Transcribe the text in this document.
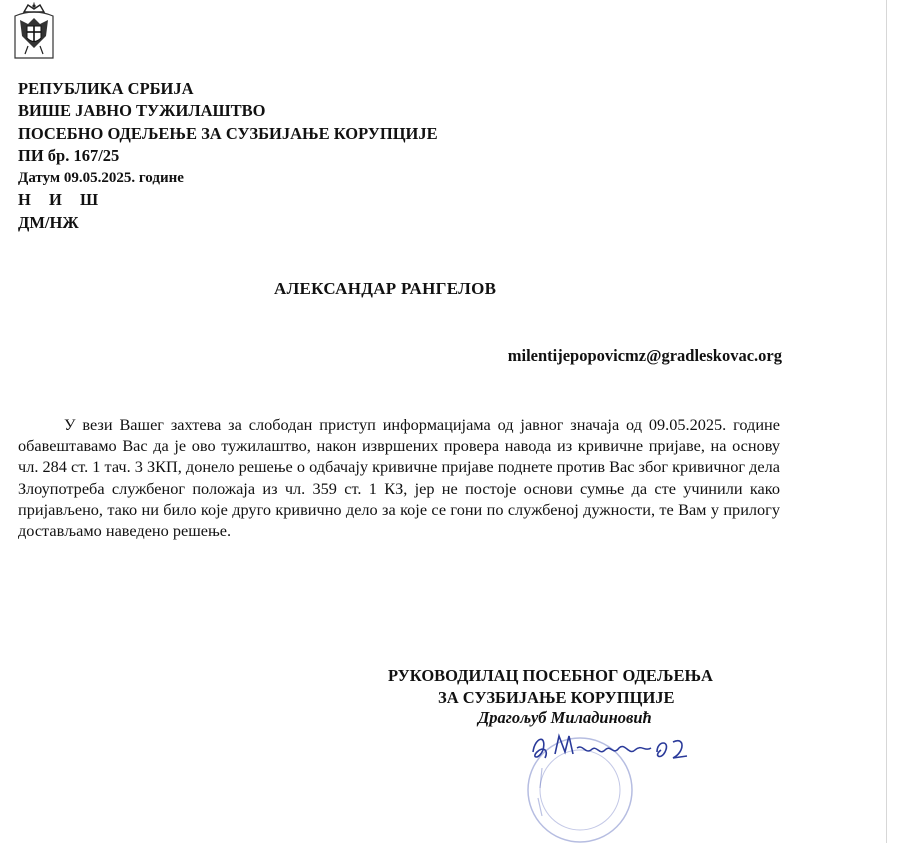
РЕПУБЛИКА СРБИЈА
ВИШЕ ЈАВНО ТУЖИЛАШТВО
ПОСЕБНО ОДЕЉЕЊЕ ЗА СУЗБИЈАЊЕ КОРУПЦИЈЕ
ПИ бр. 167/25
Датум 09.05.2025. године
Н И Ш
ДМ/НЖ
АЛЕКСАНДАР РАНГЕЛОВ
milentijepopovicmz@gradleskovac.org

У вези Вашег захтева за слободан приступ информацијама од јавног значаја од 09.05.2025. године обавештавамо Вас да је ово тужилаштво, након извршених провера навода из кривичне пријаве, на основу чл. 284 ст. 1 тач. 3 ЗКП, донело решење о одбачају кривичне пријаве поднете против Вас због кривичног дела Злоупотреба службеног положаја из чл. 359 ст. 1 КЗ, јер не постоје основи сумње да сте учинили како пријављено, тако ни било које друго кривично дело за које се гони по службеној дужности, те Вам у прилогу достављамо наведено решење.

РУКОВОДИЛАЦ ПОСЕБНОГ ОДЕЉЕЊА
ЗА СУЗБИЈАЊЕ КОРУПЦИЈЕ
Драгољуб Миладиновић
